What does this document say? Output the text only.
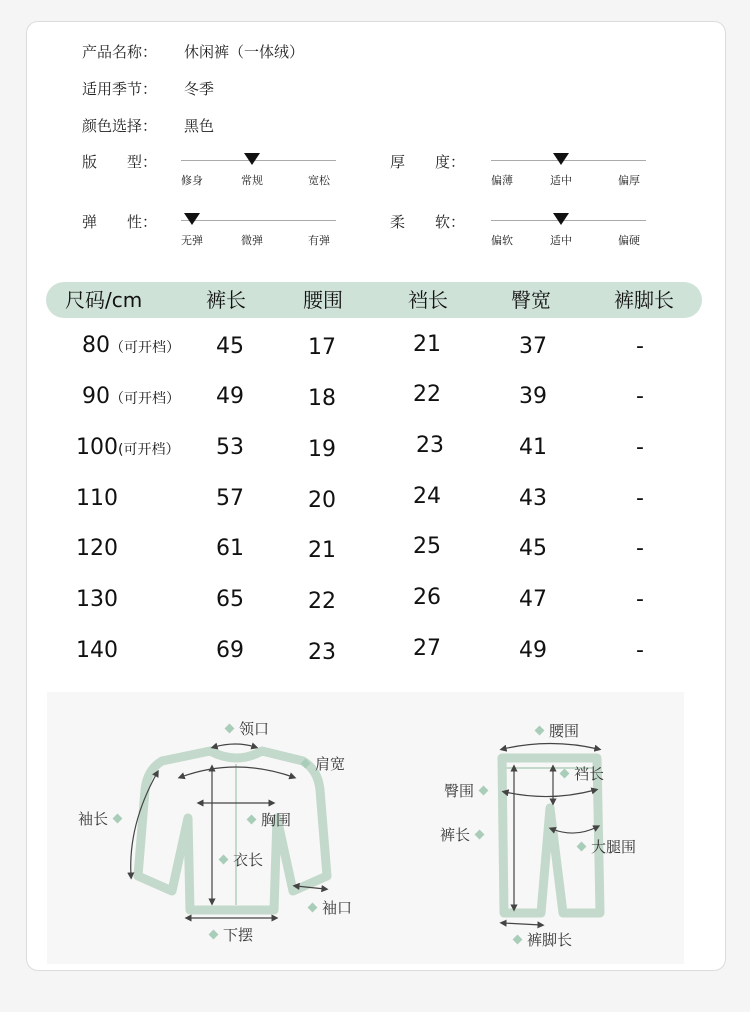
产品名称： 休闲裤（一体绒）
适用季节： 冬季
颜色选择： 黑色
版　　型：
修身	常规	宽松
厚　　度：
偏薄	适中	偏厚
弹　　性：
无弹	微弹	有弹
柔　　软：
偏软	适中	偏硬
尺码/cm	裤长	腰围	裆长	臀宽	裤脚长
80（可开档） 45	17	21	37	-
90（可开档） 49	18	22	39	-
100(可开档） 53	19	23	41	-
110	57	20	24	43	-
120	61	21	25	45	-
130	65	22	26	47	-
140	69	23	27	49	-
领口
肩宽
袖长	胸围
衣长
袖口
下摆
腰围
臀围
裆长
裤长
大腿围
裤脚长
